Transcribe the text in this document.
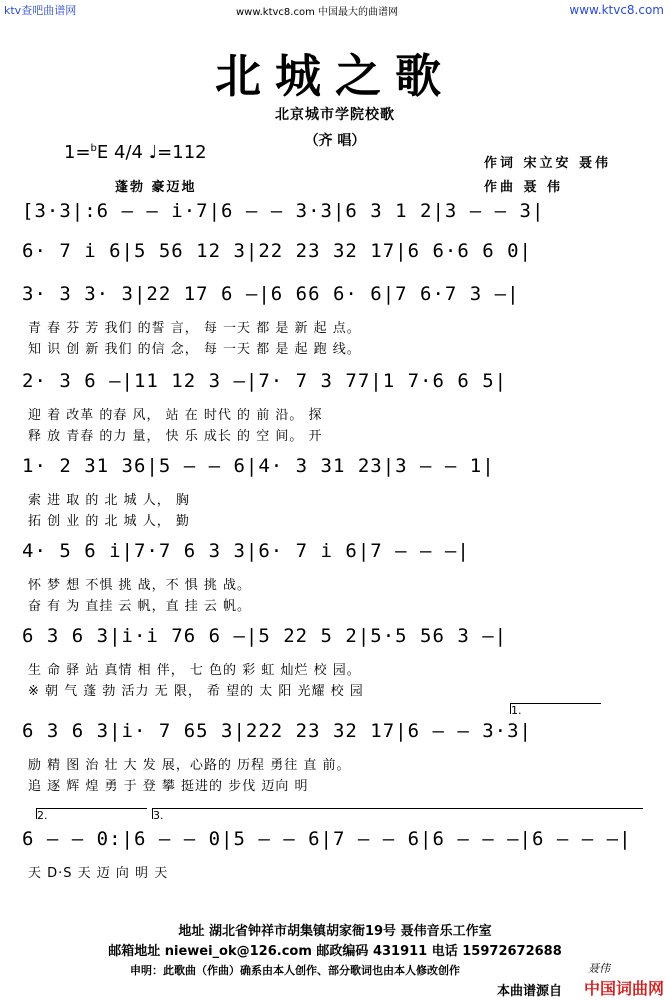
ktv查吧曲谱网	www.ktvc8.com 中国最大的曲谱网	www.ktvc8.com
北城之歌
北京城市学院校歌
（齐 唱）
1=$^b$E 4/4 ♩=112
作词 宋立安 聂伟
作曲 聂 伟
蓬勃 豪迈地
[3·3|:6 — — i·7|6 — — 3·3|6 3 1 2|3 — — 3|
6· 7 i 6|5 56 12 3|22 23 32 17|6 6·6 6 0|
3· 3 3· 3|22 17 6 —|6 66 6· 6|7 6·7 3 —|
青 春 芬 芳 我们 的誓 言， 每 一天 都 是 新 起 点。
知 识 创 新 我们 的信 念， 每 一天 都 是 起 跑 线。
2· 3 6 —|11 12 3 —|7· 7 3 77|1 7·6 6 5|
迎 着 改革 的春 风， 站 在 时代 的 前 沿。 探
释 放 青春 的力 量， 快 乐 成长 的 空 间。 开
1· 2 31 36|5 — — 6|4· 3 31 23|3 — — 1|
索 进 取 的 北 城 人， 胸
拓 创 业 的 北 城 人， 勤
4· 5 6 i|7·7 6 3 3|6· 7 i 6|7 — — —|
怀 梦 想 不惧 挑 战，不 惧 挑 战。
奋 有 为 直挂 云 帆，直 挂 云 帆。
6 3 6 3|i·i 76 6 —|5 22 5 2|5·5 56 3 —|
生 命 驿 站 真情 相 伴， 七 色的 彩 虹 灿烂 校 园。
※ 朝 气 蓬 勃 活力 无 限， 希 望的 太 阳 光耀 校 园
6 3 6 3|i· 7 65 3|222 23 32 17|6 — — 3·3|
励 精 图 治 壮 大 发 展，心路的 历程 勇往 直 前。
追 逐 辉 煌 勇 于 登 攀 挺进的 步伐 迈向 明
6 — — 0:|6 — — 0|5 — — 6|7 — — 6|6 — — —|6 — — —|
天 D·S 天 迈 向 明 天
地址 湖北省钟祥市胡集镇胡家衙19号 聂伟音乐工作室
邮箱地址 niewei_ok@126.com 邮政编码 431911 电话 15972672688
申明：此歌曲（作曲）确系由本人创作、部分歌词也由本人修改创作	聂伟
本曲谱源自 中国词曲网
1.
2.	3.
